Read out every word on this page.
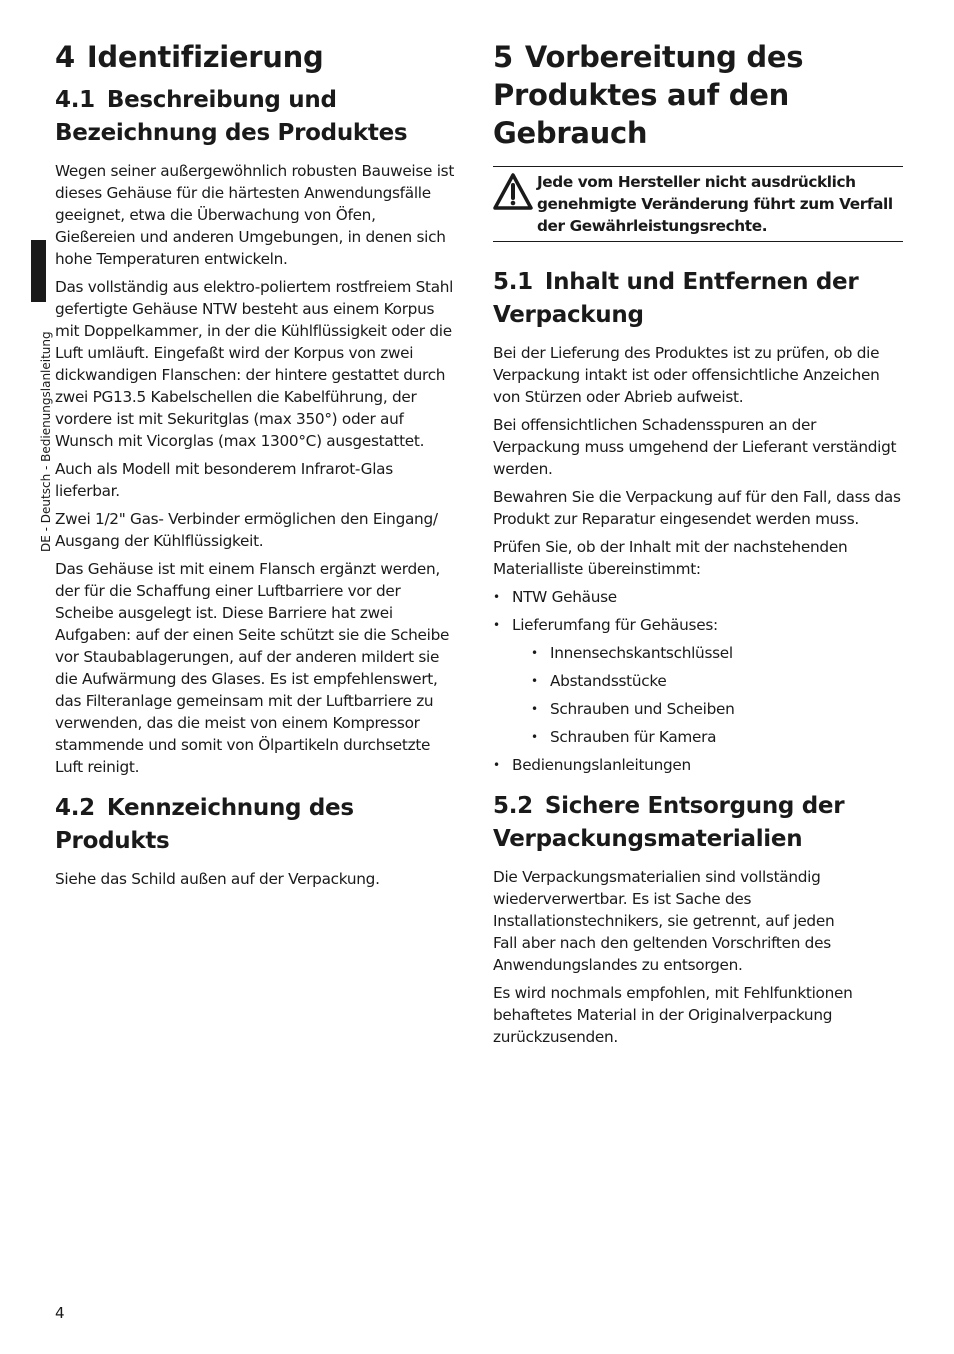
DE - Deutsch - Bedienungslanleitung
4 Identifizierung
4.1 Beschreibung und Bezeichnung des Produktes

Wegen seiner außergewöhnlich robusten Bauweise ist dieses Gehäuse für die härtesten Anwendungsfälle geeignet, etwa die Überwachung von Öfen, Gießereien und anderen Umgebungen, in denen sich hohe Temperaturen entwickeln.

Das vollständig aus elektro-poliertem rostfreiem Stahl gefertigte Gehäuse NTW besteht aus einem Korpus mit Doppelkammer, in der die Kühlflüssigkeit oder die Luft umläuft. Eingefaßt wird der Korpus von zwei dickwandigen Flanschen: der hintere gestattet durch zwei PG13.5 Kabelschellen die Kabelführung, der vordere ist mit Sekuritglas (max 350°) oder auf Wunsch mit Vicorglas (max 1300°C) ausgestattet.

Auch als Modell mit besonderem Infrarot-Glas lieferbar.

Zwei 1/2" Gas- Verbinder ermöglichen den Eingang/ Ausgang der Kühlflüssigkeit.

Das Gehäuse ist mit einem Flansch ergänzt werden, der für die Schaffung einer Luftbarriere vor der Scheibe ausgelegt ist. Diese Barriere hat zwei Aufgaben: auf der einen Seite schützt sie die Scheibe vor Staubablagerungen, auf der anderen mildert sie die Aufwärmung des Glases. Es ist empfehlenswert, das Filteranlage gemeinsam mit der Luftbarriere zu verwenden, das die meist von einem Kompressor stammende und somit von Ölpartikeln durchsetzte Luft reinigt.

4.2 Kennzeichnung des Produkts

Siehe das Schild außen auf der Verpackung.

5 Vorbereitung des Produktes auf den Gebrauch
Jede vom Hersteller nicht ausdrücklich genehmigte Veränderung führt zum Verfall der Gewährleistungsrechte.
5.1 Inhalt und Entfernen der Verpackung

Bei der Lieferung des Produktes ist zu prüfen, ob die Verpackung intakt ist oder offensichtliche Anzeichen von Stürzen oder Abrieb aufweist.

Bei offensichtlichen Schadensspuren an der Verpackung muss umgehend der Lieferant verständigt werden.

Bewahren Sie die Verpackung auf für den Fall, dass das Produkt zur Reparatur eingesendet werden muss.

Prüfen Sie, ob der Inhalt mit der nachstehenden Materialliste übereinstimmt:

• NTW Gehäuse
• Lieferumfang für Gehäuses:
• Innensechskantschlüssel
• Abstandsstücke
• Schrauben und Scheiben
• Schrauben für Kamera
• Bedienungslanleitungen
5.2 Sichere Entsorgung der Verpackungsmaterialien

Die Verpackungsmaterialien sind vollständig wiederverwertbar. Es ist Sache des Installationstechnikers, sie getrennt, auf jeden Fall aber nach den geltenden Vorschriften des Anwendungslandes zu entsorgen.

Es wird nochmals empfohlen, mit Fehlfunktionen behaftetes Material in der Originalverpackung zurückzusenden.

4
